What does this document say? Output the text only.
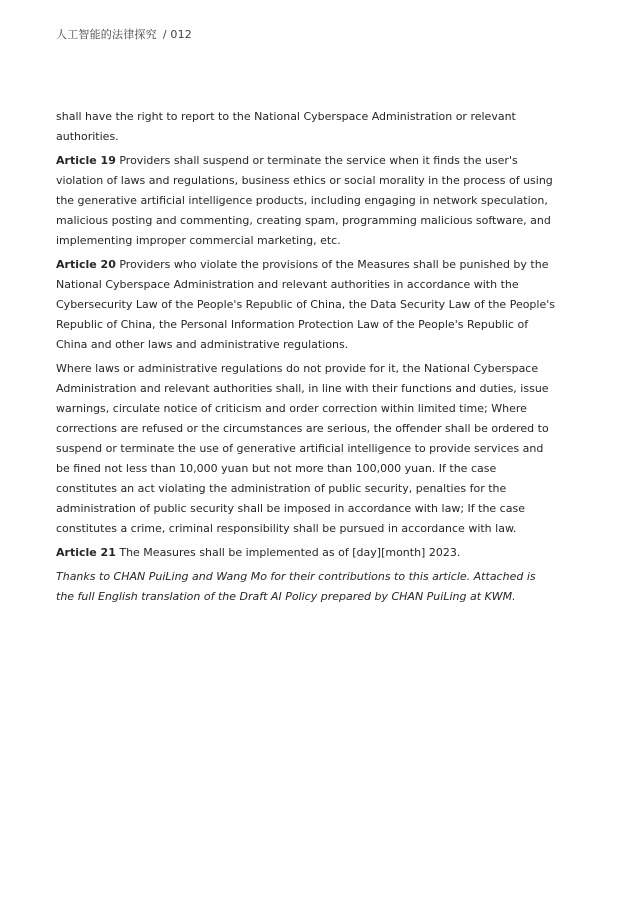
人工智能的法律探究 / 012

shall have the right to report to the National Cyberspace Administration or relevant authorities.

Article 19 Providers shall suspend or terminate the service when it finds the user's violation of laws and regulations, business ethics or social morality in the process of using the generative artificial intelligence products, including engaging in network speculation, malicious posting and commenting, creating spam, programming malicious software, and implementing improper commercial marketing, etc.

Article 20 Providers who violate the provisions of the Measures shall be punished by the National Cyberspace Administration and relevant authorities in accordance with the Cybersecurity Law of the People's Republic of China, the Data Security Law of the People's Republic of China, the Personal Information Protection Law of the People's Republic of China and other laws and administrative regulations.

Where laws or administrative regulations do not provide for it, the National Cyberspace Administration and relevant authorities shall, in line with their functions and duties, issue warnings, circulate notice of criticism and order correction within limited time; Where corrections are refused or the circumstances are serious, the offender shall be ordered to suspend or terminate the use of generative artificial intelligence to provide services and be fined not less than 10,000 yuan but not more than 100,000 yuan. If the case constitutes an act violating the administration of public security, penalties for the administration of public security shall be imposed in accordance with law; If the case constitutes a crime, criminal responsibility shall be pursued in accordance with law.

Article 21 The Measures shall be implemented as of [day][month] 2023.

Thanks to CHAN PuiLing and Wang Mo for their contributions to this article. Attached is the full English translation of the Draft AI Policy prepared by CHAN PuiLing at KWM.
